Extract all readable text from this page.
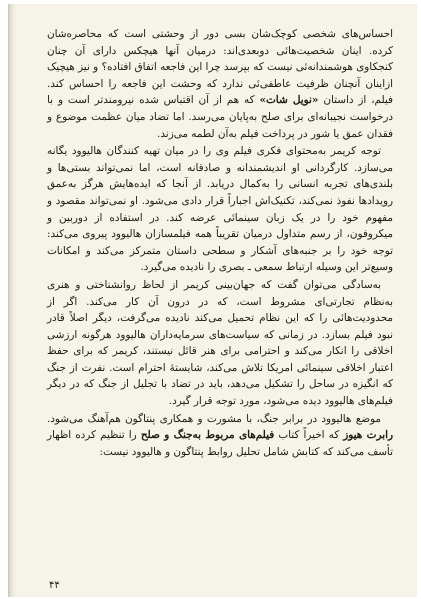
احساس‌های شخصی کوچک‌شان بسی دور از وحشتی است که محاصره‌شان کرده. اینان شخصیت‌هائی دوبعدی‌اند: درمیان آنها هیچکس دارای آن چنان کنجکاوی هوشمندانه‌ئی نیست که بپرسد چرا این فاجعه اتفاق افتاده؟ و نیز هیچیک ازاینان آنچنان ظرفیت عاطفی‌ئی ندارد که وحشت این فاجعه را احساس کند. فیلم، از داستان «نویل شات» که هم از آن اقتباس شده نیرومندتر است و با درخواست نجیبانه‌ای برای صلح به‌پایان می‌رسد. اما تضاد میان عظمت موضوع و فقدان عمق یا شور در پرداخت فیلم به‌آن لطمه می‌زند.

توجه کریمر به‌محتوای فکری فیلم وی را در میان تهیه کنندگان هالیوود یگانه می‌سازد. کارگردانی او اندیشمندانه و صادقانه است، اما نمی‌تواند بستی‌ها و بلندی‌های تجربه انسانی را به‌کمال دریابد. از آنجا که ایده‌هایش هرگز به‌عمق رویدادها نفوذ نمی‌کند، تکنیک‌اش اجباراً قرار دادی می‌شود. او نمی‌تواند مقصود و مفهوم خود را در یک زبان سینمائی عرضه کند. در استفاده از دوربین و میکروفون، از رسم متداول درمیان تقریباً همه فیلمسازان هالیوود پیروی می‌کند: توجه خود را بر جنبه‌های آشکار و سطحی داستان متمرکز می‌کند و امکانات وسیع‌تر این وسیله ارتباط سمعی ـ بصری را نادیده می‌گیرد.

به‌سادگی می‌توان گفت که جهان‌بینی کریمر از لحاظ روانشناختی و هنری به‌نظام تجارتی‌ای مشروط است، که در درون آن کار می‌کند. اگر از محدودیت‌هائی را که این نظام تحمیل می‌کند نادیده می‌گرفت، دیگر اصلاً قادر نبود فیلم بسازد. در زمانی که سیاست‌های سرمایه‌داران هالیوود هرگونه ارزشی اخلاقی را انکار می‌کند و احترامی برای هنر قائل نیستند، کریمر که برای حفظ اعتبار اخلاقی سینمائی امریکا تلاش می‌کند، شایستهٔ احترام است. نفرت از جنگ که انگیزه در ساحل را تشکیل می‌دهد، باید در تضاد با تجلیل از جنگ که در دیگر فیلم‌های هالیوود دیده می‌شود، مورد توجه قرار گیرد.

موضع هالیوود در برابر جنگ، با مشورت و همکاری پنتاگون هم‌آهنگ می‌شود. رابرت هیوز که اخیراً کتاب فیلم‌های مربوط به‌جنگ و صلح را تنظیم کرده اظهار تأسف می‌کند که کتابش شامل تحلیل روابط پنتاگون و هالیوود نیست:

۴۴
